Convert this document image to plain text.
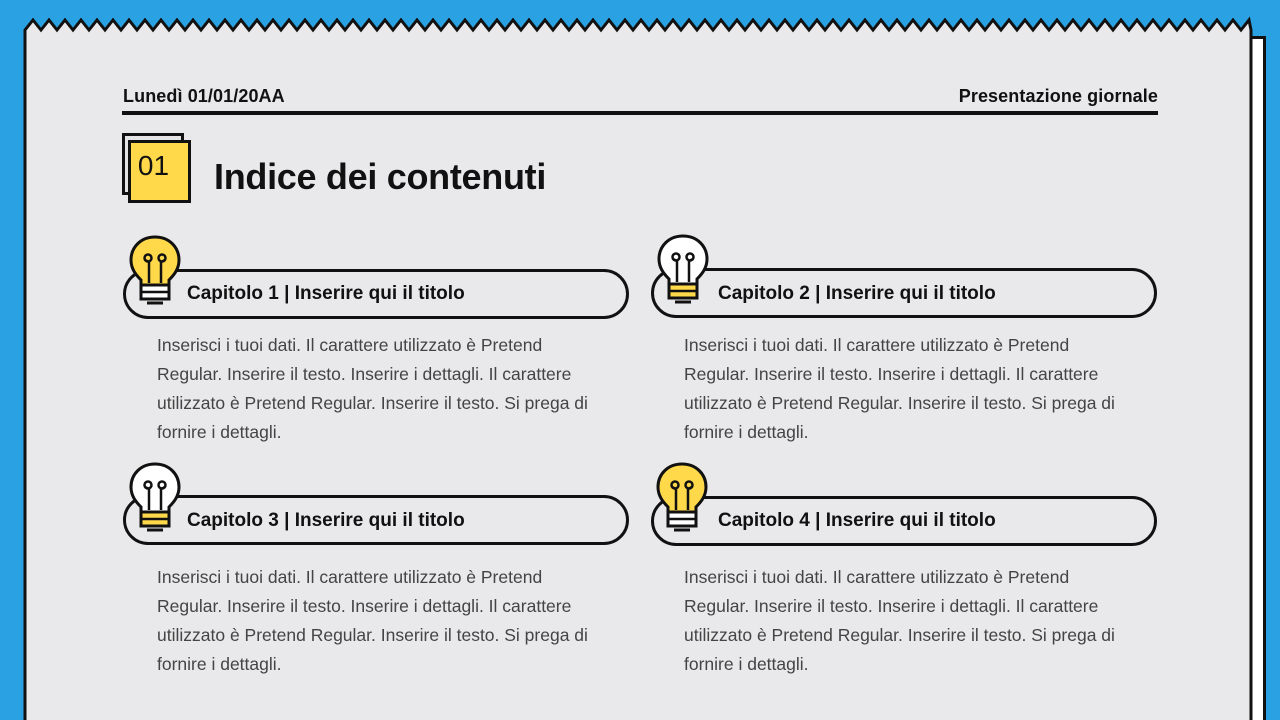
Lunedì 01/01/20AA	Presentazione giornale
01 Indice dei contenuti
Capitolo 1 | Inserire qui il titolo
Inserisci i tuoi dati. Il carattere utilizzato è Pretend Regular. Inserire il testo. Inserire i dettagli. Il carattere utilizzato è Pretend Regular. Inserire il testo. Si prega di fornire i dettagli.
Capitolo 2 | Inserire qui il titolo
Inserisci i tuoi dati. Il carattere utilizzato è Pretend Regular. Inserire il testo. Inserire i dettagli. Il carattere utilizzato è Pretend Regular. Inserire il testo. Si prega di fornire i dettagli.
Capitolo 3 | Inserire qui il titolo
Inserisci i tuoi dati. Il carattere utilizzato è Pretend Regular. Inserire il testo. Inserire i dettagli. Il carattere utilizzato è Pretend Regular. Inserire il testo. Si prega di fornire i dettagli.
Capitolo 4 | Inserire qui il titolo
Inserisci i tuoi dati. Il carattere utilizzato è Pretend Regular. Inserire il testo. Inserire i dettagli. Il carattere utilizzato è Pretend Regular. Inserire il testo. Si prega di fornire i dettagli.
